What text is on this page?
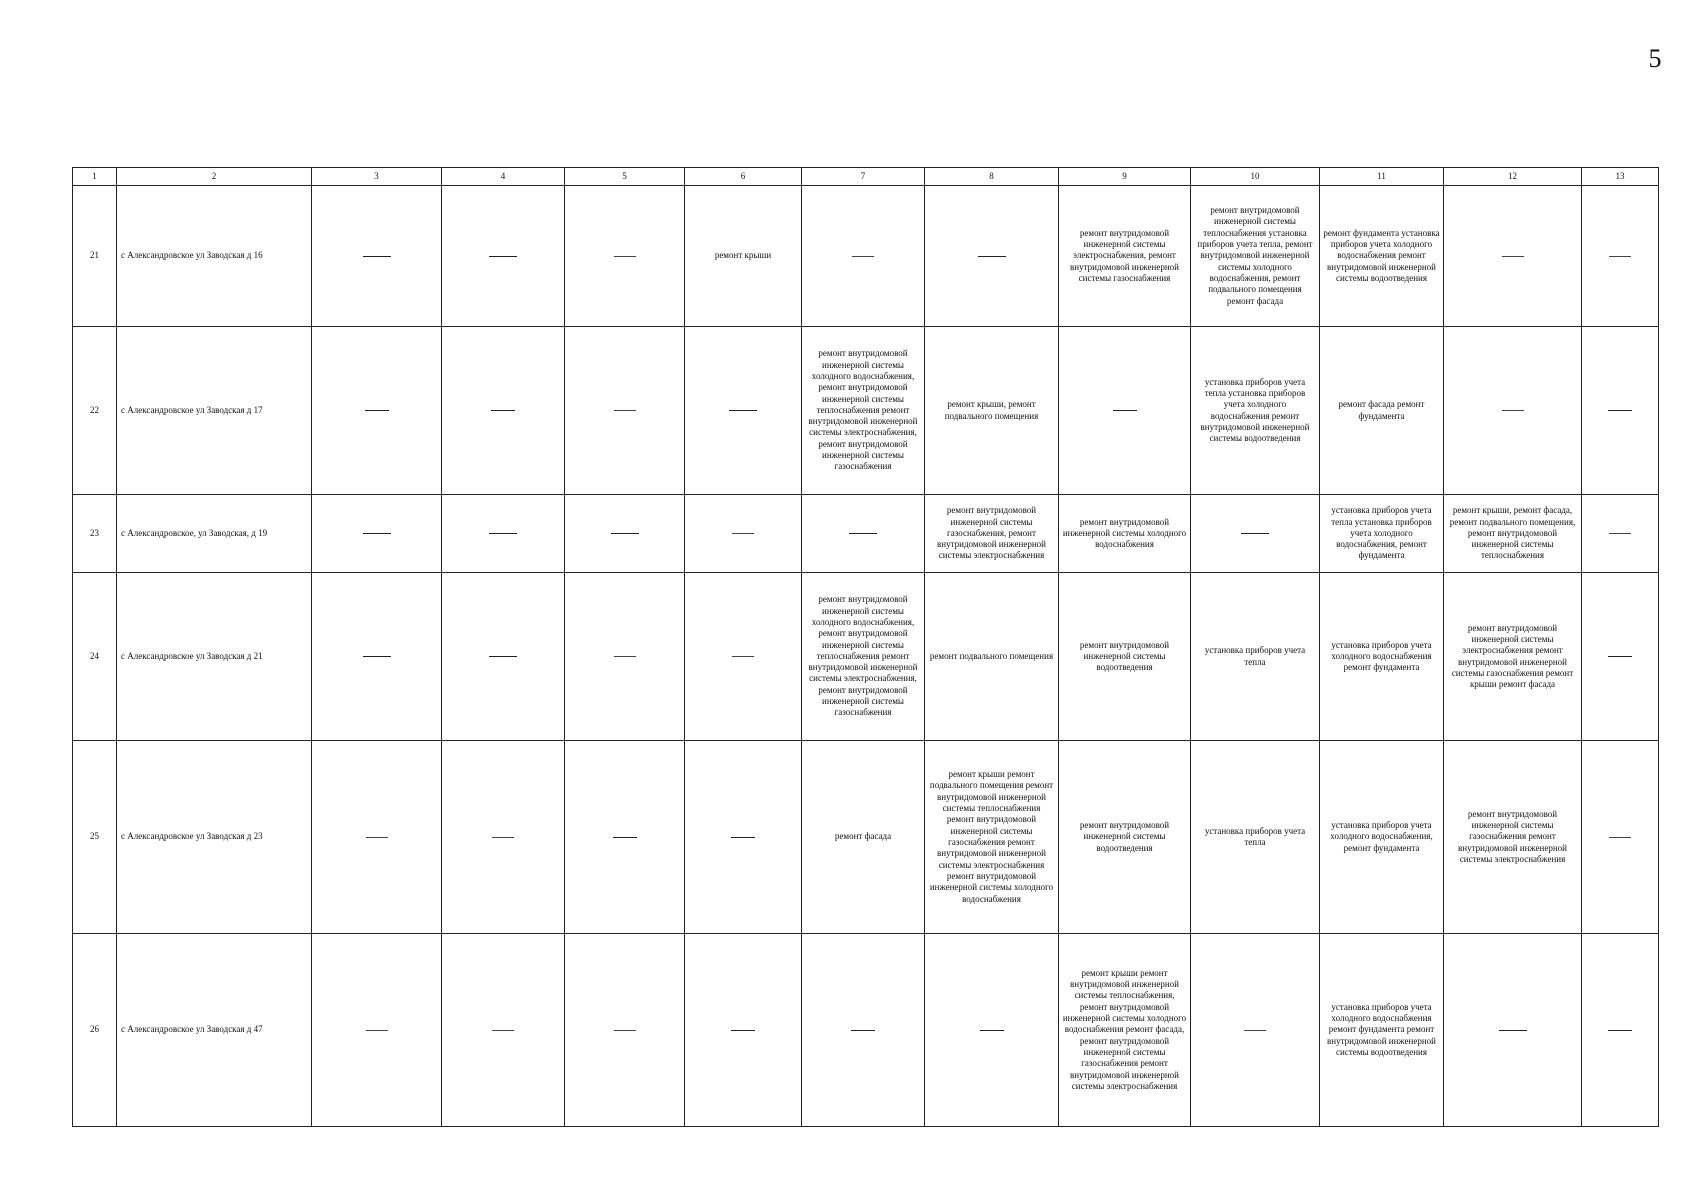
5
1	2	3	4	5	6	7	8	9	10	11	12	13
21	с Александровское ул Заводская д 16				ремонт крыши			ремонт внутридомовой инженерной системы электроснабжения, ремонт внутридомовой инженерной системы газоснабжения	ремонт внутридомовой инженерной системы теплоснабжения установка приборов учета тепла, ремонт внутридомовой инженерной системы холодного водоснабжения, ремонт подвального помещения ремонт фасада	ремонт фундамента установка приборов учета холодного водоснабжения ремонт внутридомовой инженерной системы водоотведения		
22	с Александровское ул Заводская д 17					ремонт внутридомовой инженерной системы холодного водоснабжения, ремонт внутридомовой инженерной системы теплоснабжения ремонт внутридомовой инженерной системы электроснабжения, ремонт внутридомовой инженерной системы газоснабжения	ремонт крыши, ремонт подвального помещения		установка приборов учета тепла установка приборов учета холодного водоснабжения ремонт внутридомовой инженерной системы водоотведения	ремонт фасада ремонт фундамента		
23	с Александровское, ул Заводская, д 19						ремонт внутридомовой инженерной системы газоснабжения, ремонт внутридомовой инженерной системы электроснабжения	ремонт внутридомовой инженерной системы холодного водоснабжения		установка приборов учета тепла установка приборов учета холодного водоснабжения, ремонт фундамента	ремонт крыши, ремонт фасада, ремонт подвального помещения, ремонт внутридомовой инженерной системы теплоснабжения	
24	с Александровское ул Заводская д 21					ремонт внутридомовой инженерной системы холодного водоснабжения, ремонт внутридомовой инженерной системы теплоснабжения ремонт внутридомовой инженерной системы электроснабжения, ремонт внутридомовой инженерной системы газоснабжения	ремонт подвального помещения	ремонт внутридомовой инженерной системы водоотведения	установка приборов учета тепла	установка приборов учета холодного водоснабжения ремонт фундамента	ремонт внутридомовой инженерной системы электроснабжения ремонт внутридомовой инженерной системы газоснабжения ремонт крыши ремонт фасада	
25	с Александровское ул Заводская д 23					ремонт фасада	ремонт крыши ремонт подвального помещения ремонт внутридомовой инженерной системы теплоснабжения ремонт внутридомовой инженерной системы газоснабжения ремонт внутридомовой инженерной системы электроснабжения ремонт внутридомовой инженерной системы холодного водоснабжения	ремонт внутридомовой инженерной системы водоотведения	установка приборов учета тепла	установка приборов учета холодного водоснабжения, ремонт фундамента	ремонт внутридомовой инженерной системы газоснабжения ремонт внутридомовой инженерной системы электроснабжения	
26	с Александровское ул Заводская д 47							ремонт крыши ремонт внутридомовой инженерной системы теплоснабжения, ремонт внутридомовой инженерной системы холодного водоснабжения ремонт фасада, ремонт внутридомовой инженерной системы газоснабжения ремонт внутридомовой инженерной системы электроснабжения		установка приборов учета холодного водоснабжения ремонт фундамента ремонт внутридомовой инженерной системы водоотведения		
